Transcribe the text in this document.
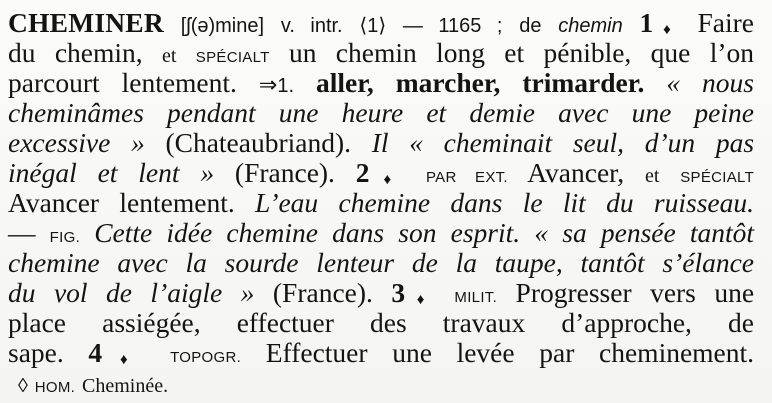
CHEMINER [ʃ(ə)mine] v. intr. ⟨1⟩ — 1165 ; de chemin 1♦ Faire
du chemin, et SPÉCIALT un chemin long et pénible, que l’on
parcourt lentement. ⇒1. aller, marcher, trimarder. « nous
cheminâmes pendant une heure et demie avec une peine
excessive » (Chateaubriand). Il « cheminait seul, d’un pas
inégal et lent » (France). 2♦ PAR EXT. Avancer, et SPÉCIALT
Avancer lentement. L’eau chemine dans le lit du ruisseau.
— FIG. Cette idée chemine dans son esprit. « sa pensée tantôt
chemine avec la sourde lenteur de la taupe, tantôt s’élance
du vol de l’aigle » (France). 3♦ MILIT. Progresser vers une
place assiégée, effectuer des travaux d’approche, de
sape. 4♦ TOPOGR. Effectuer une levée par cheminement.
◊ HOM. Cheminée.
